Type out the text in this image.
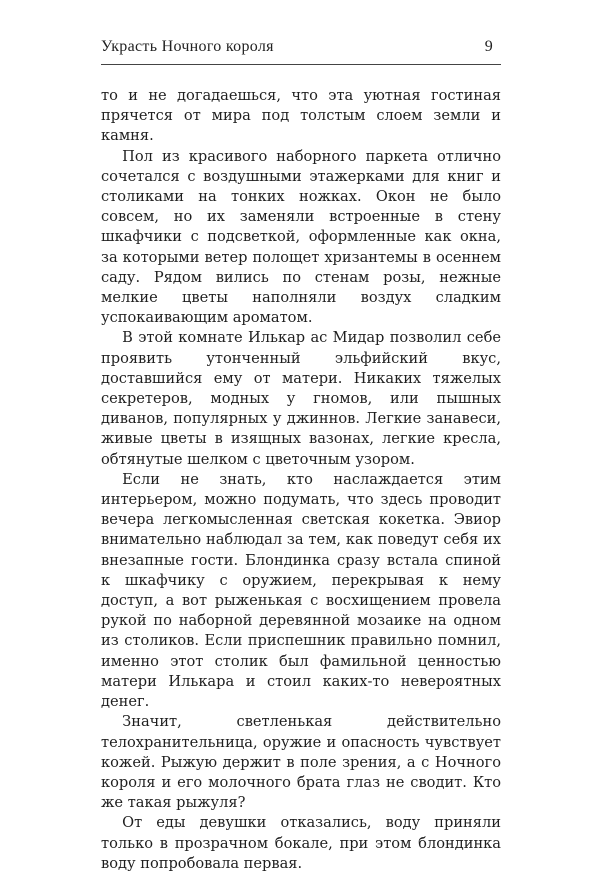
Украсть Ночного короля	9

то и не догадаешься, что эта уютная гостиная прячется от мира под толстым слоем земли и камня.

Пол из красивого наборного паркета отлично сочетался с воздушными этажерками для книг и столиками на тонких ножках. Окон не было совсем, но их заменяли встроенные в стену шкафчики с подсветкой, оформленные как окна, за которыми ветер полощет хризантемы в осеннем саду. Рядом вились по стенам розы, нежные мелкие цветы наполняли воздух сладким успокаивающим ароматом.

В этой комнате Илькар ас Мидар позволил себе проявить утонченный эльфийский вкус, доставшийся ему от матери. Никаких тяжелых секретеров, модных у гномов, или пышных диванов, популярных у джиннов. Легкие занавеси, живые цветы в изящных вазонах, легкие кресла, обтянутые шелком с цветочным узором.

Если не знать, кто наслаждается этим интерьером, можно подумать, что здесь проводит вечера легкомысленная светская кокетка. Эвиор внимательно наблюдал за тем, как поведут себя их внезапные гости. Блондинка сразу встала спиной к шкафчику с оружием, перекрывая к нему доступ, а вот рыженькая с восхищением провела рукой по наборной деревянной мозаике на одном из столиков. Если приспешник правильно помнил, именно этот столик был фамильной ценностью матери Илькара и стоил каких-то невероятных денег.

Значит, светленькая действительно телохранительница, оружие и опасность чувствует кожей. Рыжую держит в поле зрения, а с Ночного короля и его молочного брата глаз не сводит. Кто же такая рыжуля?

От еды девушки отказались, воду приняли только в прозрачном бокале, при этом блондинка воду попробовала первая.
